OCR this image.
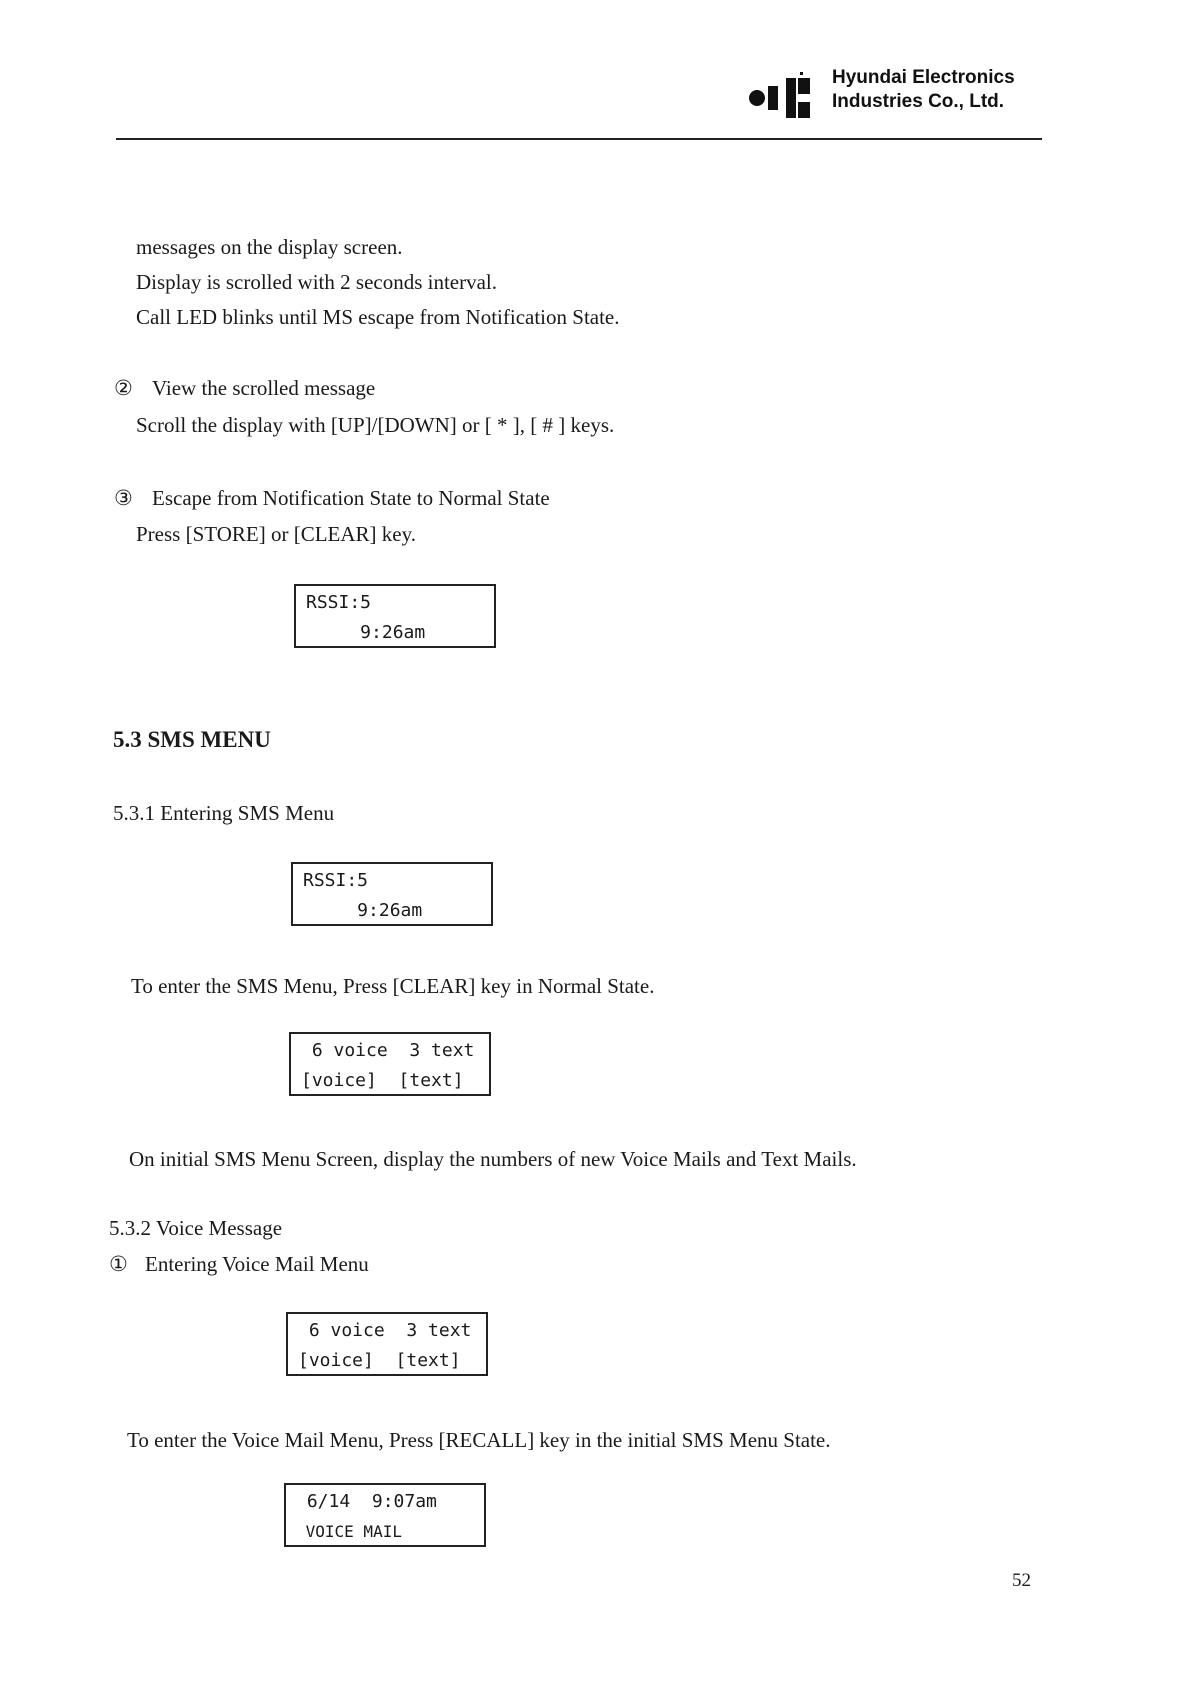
Hyundai Electronics
Industries Co., Ltd.
messages on the display screen.
Display is scrolled with 2 seconds interval.
Call LED blinks until MS escape from Notification State.
② View the scrolled message
Scroll the display with [UP]/[DOWN] or [ * ], [ # ] keys.
③ Escape from Notification State to Normal State
Press [STORE] or [CLEAR] key.
RSSI:5
9:26am
5.3 SMS MENU
5.3.1 Entering SMS Menu
RSSI:5
9:26am
To enter the SMS Menu, Press [CLEAR] key in Normal State.
6 voice  3 text
[voice]  [text]
On initial SMS Menu Screen, display the numbers of new Voice Mails and Text Mails.
5.3.2 Voice Message
① Entering Voice Mail Menu
6 voice  3 text
[voice]  [text]
To enter the Voice Mail Menu, Press [RECALL] key in the initial SMS Menu State.
6/14  9:07am
VOICE MAIL
52
